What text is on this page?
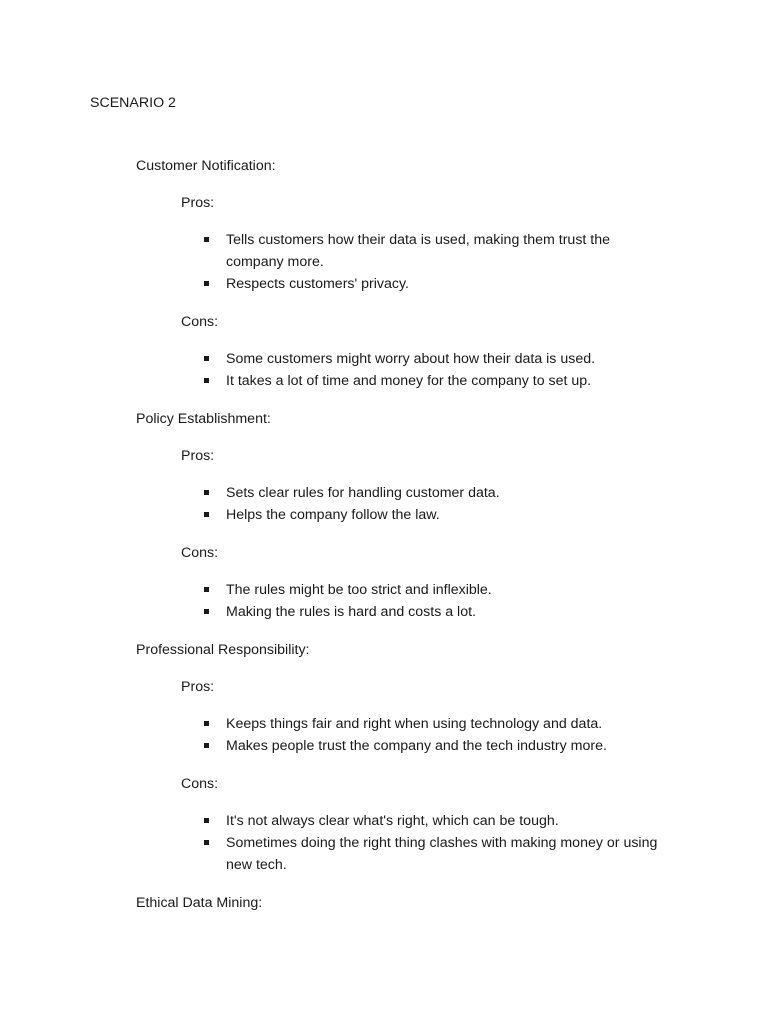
SCENARIO 2
Customer Notification:
Pros:
Tells customers how their data is used, making them trust the company more.
Respects customers' privacy.
Cons:
Some customers might worry about how their data is used.
It takes a lot of time and money for the company to set up.
Policy Establishment:
Pros:
Sets clear rules for handling customer data.
Helps the company follow the law.
Cons:
The rules might be too strict and inflexible.
Making the rules is hard and costs a lot.
Professional Responsibility:
Pros:
Keeps things fair and right when using technology and data.
Makes people trust the company and the tech industry more.
Cons:
It's not always clear what's right, which can be tough.
Sometimes doing the right thing clashes with making money or using new tech.
Ethical Data Mining:
